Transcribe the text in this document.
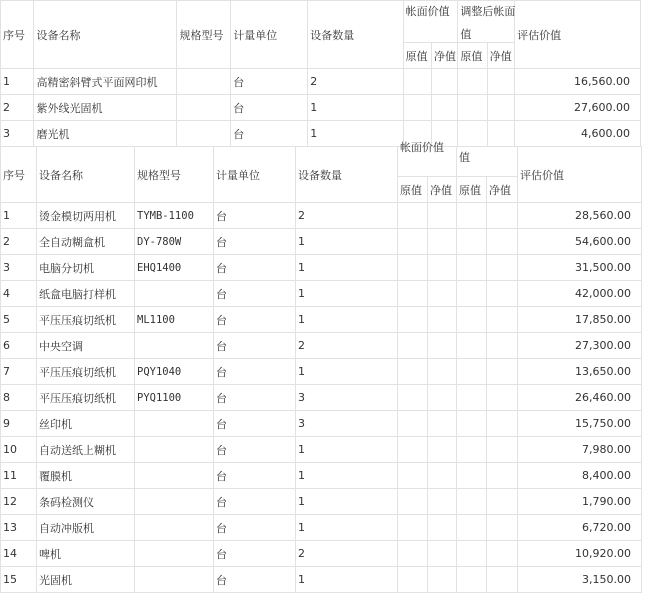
序号	设备名称	规格型号	计量单位	设备数量	帐面价值		调整后帐面
值		评估价值
					原值	净值	原值	净值	
1	高精密斜臂式平面网印机		台	2					16,560.00
2	紫外线光固机		台	1					27,600.00
3	磨光机		台	1					4,600.00
序号	设备名称	规格型号	计量单位	设备数量	帐面价值		值		评估价值
					原值	净值	原值	净值	
1	烫金模切两用机	TYMB-1100	台	2					28,560.00
2	全自动糊盒机	DY-780W	台	1					54,600.00
3	电脑分切机	EHQ1400	台	1					31,500.00
4	纸盒电脑打样机		台	1					42,000.00
5	平压压痕切纸机	ML1100	台	1					17,850.00
6	中央空调		台	2					27,300.00
7	平压压痕切纸机	PQY1040	台	1					13,650.00
8	平压压痕切纸机	PYQ1100	台	3					26,460.00
9	丝印机		台	3					15,750.00
10	自动送纸上糊机		台	1					7,980.00
11	覆膜机		台	1					8,400.00
12	条码检测仪		台	1					1,790.00
13	自动冲版机		台	1					6,720.00
14	啤机		台	2					10,920.00
15	光固机		台	1					3,150.00
